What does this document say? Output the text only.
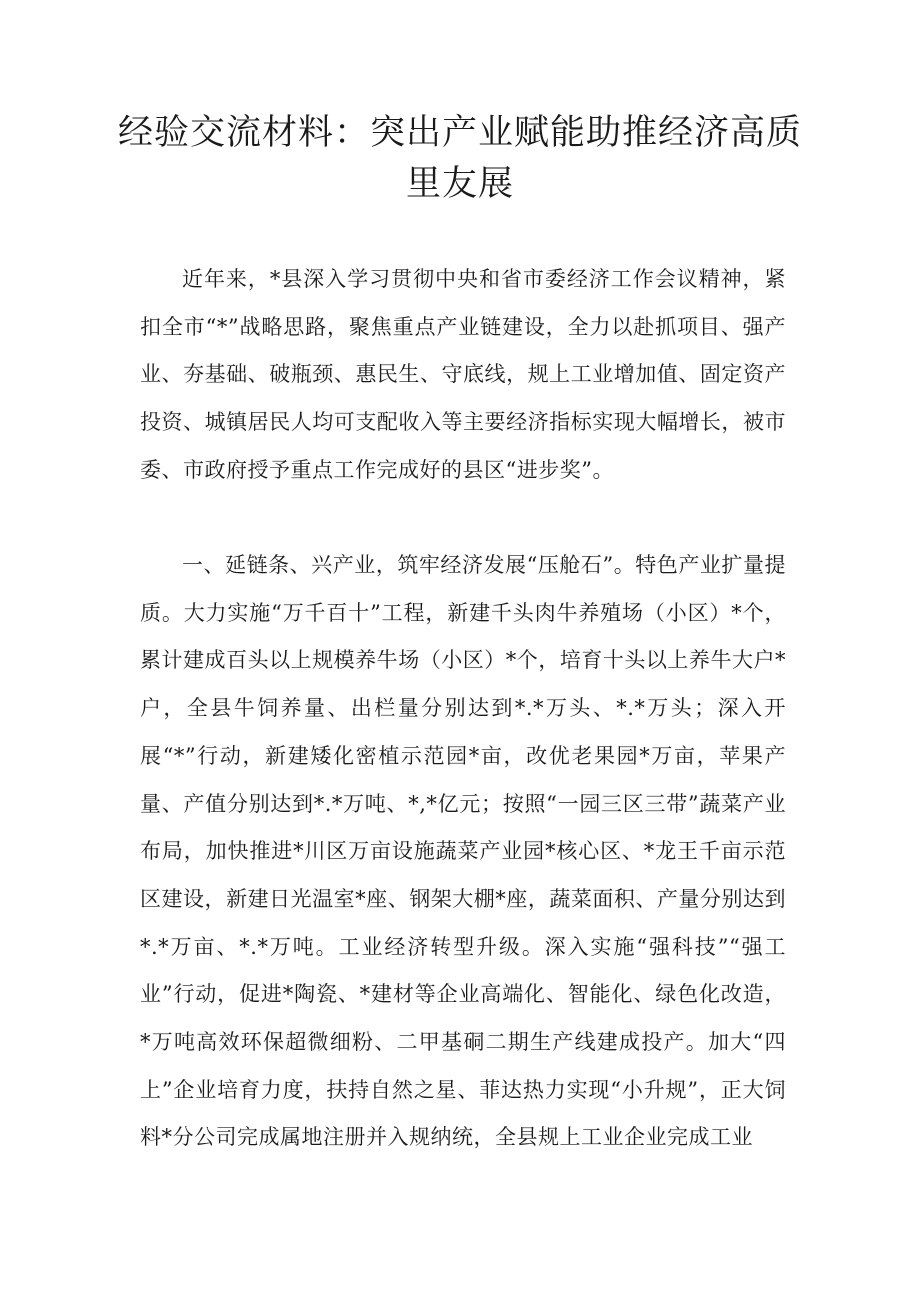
经验交流材料：突出产业赋能助推经济高质里友展

近年来，*县深入学习贯彻中央和省市委经济工作会议精神，紧扣全市“*”战略思路，聚焦重点产业链建设，全力以赴抓项目、强产业、夯基础、破瓶颈、惠民生、守底线，规上工业增加值、固定资产投资、城镇居民人均可支配收入等主要经济指标实现大幅增长，被市委、市政府授予重点工作完成好的县区“进步奖”。

一、延链条、兴产业，筑牢经济发展“压舱石”。特色产业扩量提质。大力实施“万千百十”工程，新建千头肉牛养殖场（小区）*个，累计建成百头以上规模养牛场（小区）*个，培育十头以上养牛大户*户，全县牛饲养量、出栏量分别达到*.*万头、*.*万头；深入开展“*”行动，新建矮化密植示范园*亩，改优老果园*万亩，苹果产量、产值分别达到*.*万吨、*,*亿元；按照“一园三区三带”蔬菜产业布局，加快推进*川区万亩设施蔬菜产业园*核心区、*龙王千亩示范区建设，新建日光温室*座、钢架大棚*座，蔬菜面积、产量分别达到*.*万亩、*.*万吨。工业经济转型升级。深入实施“强科技”“强工业”行动，促进*陶瓷、*建材等企业高端化、智能化、绿色化改造，*万吨高效环保超微细粉、二甲基硐二期生产线建成投产。加大“四上”企业培育力度，扶持自然之星、菲达热力实现“小升规”，正大饲料*分公司完成属地注册并入规纳统，全县规上工业企业完成工业
